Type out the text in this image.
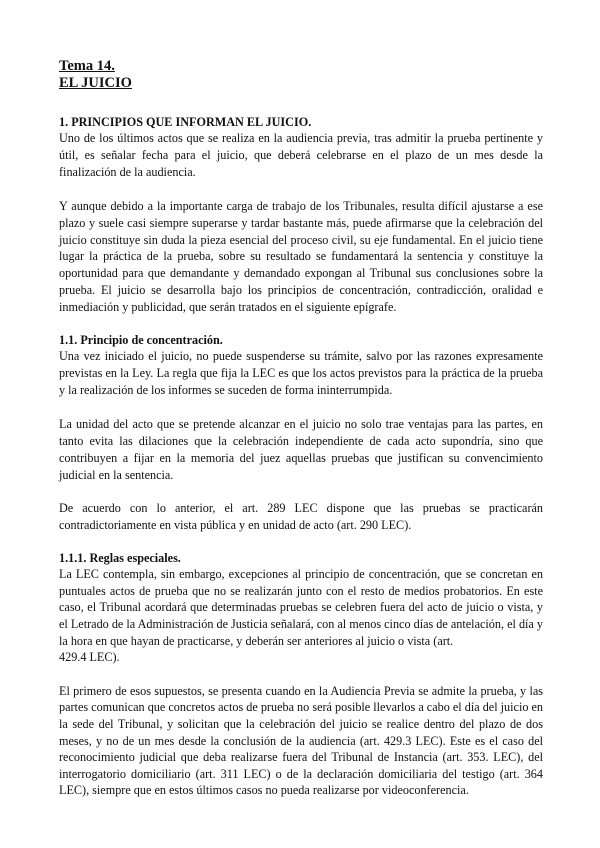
Tema 14.
EL JUICIO
1. PRINCIPIOS QUE INFORMAN EL JUICIO.

Uno de los últimos actos que se realiza en la audiencia previa, tras admitir la prueba pertinente y útil, es señalar fecha para el juicio, que deberá celebrarse en el plazo de un mes desde la finalización de la audiencia.

Y aunque debido a la importante carga de trabajo de los Tribunales, resulta difícil ajustarse a ese plazo y suele casi siempre superarse y tardar bastante más, puede afirmarse que la celebración del juicio constituye sin duda la pieza esencial del proceso civil, su eje fundamental. En el juicio tiene lugar la práctica de la prueba, sobre su resultado se fundamentará la sentencia y constituye la oportunidad para que demandante y demandado expongan al Tribunal sus conclusiones sobre la prueba. El juicio se desarrolla bajo los principios de concentración, contradicción, oralidad e inmediación y publicidad, que serán tratados en el siguiente epígrafe.

1.1. Principio de concentración.

Una vez iniciado el juicio, no puede suspenderse su trámite, salvo por las razones expresamente previstas en la Ley. La regla que fija la LEC es que los actos previstos para la práctica de la prueba y la realización de los informes se suceden de forma ininterrumpida.

La unidad del acto que se pretende alcanzar en el juicio no solo trae ventajas para las partes, en tanto evita las dilaciones que la celebración independiente de cada acto supondría, sino que contribuyen a fijar en la memoria del juez aquellas pruebas que justifican su convencimiento judicial en la sentencia.

De acuerdo con lo anterior, el art. 289 LEC dispone que las pruebas se practicarán contradictoriamente en vista pública y en unidad de acto (art. 290 LEC).

1.1.1. Reglas especiales.

La LEC contempla, sin embargo, excepciones al principio de concentración, que se concretan en puntuales actos de prueba que no se realizarán junto con el resto de medios probatorios. En este caso, el Tribunal acordará que determinadas pruebas se celebren fuera del acto de juicio o vista, y el Letrado de la Administración de Justicia señalará, con al menos cinco días de antelación, el día y la hora en que hayan de practicarse, y deberán ser anteriores al juicio o vista (art.

429.4 LEC).

El primero de esos supuestos, se presenta cuando en la Audiencia Previa se admite la prueba, y las partes comunican que concretos actos de prueba no será posible llevarlos a cabo el día del juicio en la sede del Tribunal, y solicitan que la celebración del juicio se realice dentro del plazo de dos meses, y no de un mes desde la conclusión de la audiencia (art. 429.3 LEC). Este es el caso del reconocimiento judicial que deba realizarse fuera del Tribunal de Instancia (art. 353. LEC), del interrogatorio domiciliario (art. 311 LEC) o de la declaración domiciliaria del testigo (art. 364 LEC), siempre que en estos últimos casos no pueda realizarse por videoconferencia.
